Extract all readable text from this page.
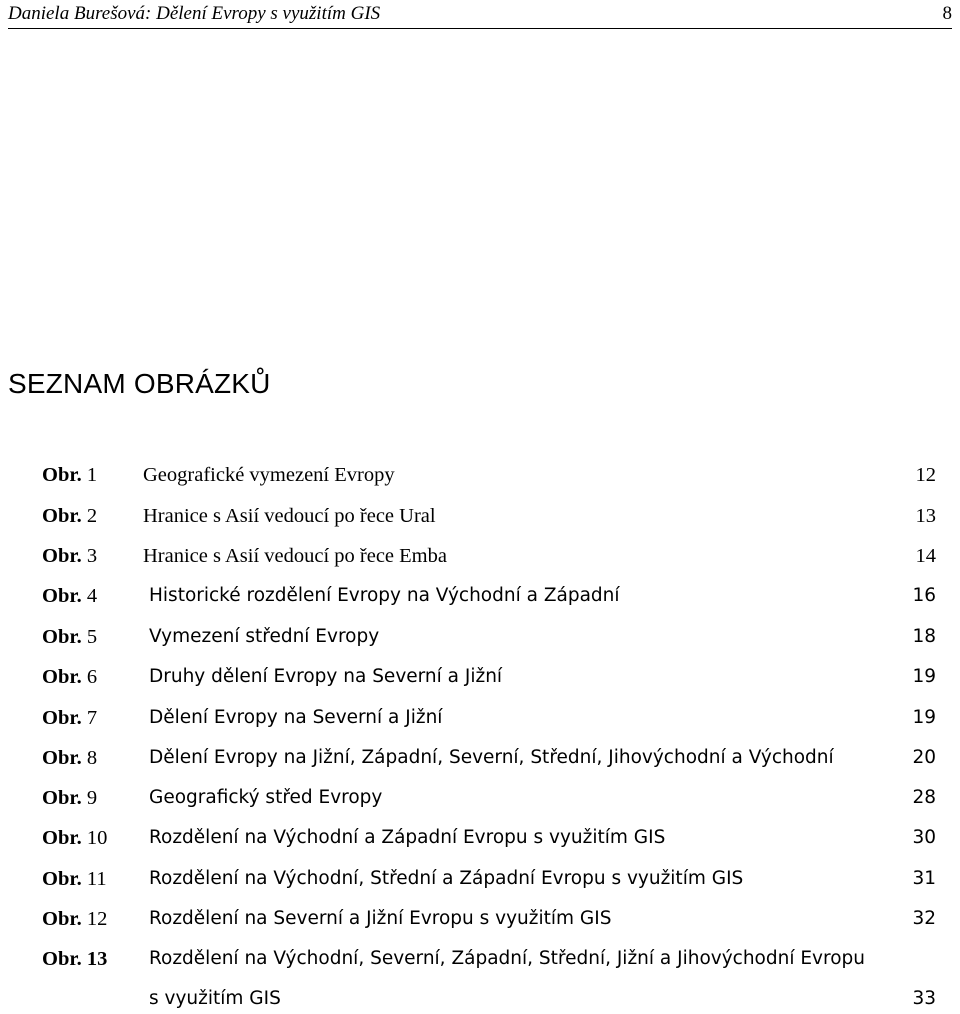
Daniela Burešová: Dělení Evropy s využitím GIS	8
SEZNAM OBRÁZKŮ
Obr. 1 Geografické vymezení Evropy	12
Obr. 2 Hranice s Asií vedoucí po řece Ural	13
Obr. 3 Hranice s Asií vedoucí po řece Emba	14
Obr. 4	Historické rozdělení Evropy na Východní a Západní	16
Obr. 5	Vymezení střední Evropy	18
Obr. 6	Druhy dělení Evropy na Severní a Jižní	19
Obr. 7	Dělení Evropy na Severní a Jižní	19
Obr. 8	Dělení Evropy na Jižní, Západní, Severní, Střední, Jihovýchodní a Východní	20
Obr. 9	Geografický střed Evropy	28
Obr. 10 Rozdělení na Východní a Západní Evropu s využitím GIS	30
Obr. 11 Rozdělení na Východní, Střední a Západní Evropu s využitím GIS	31
Obr. 12 Rozdělení na Severní a Jižní Evropu s využitím GIS	32
Obr. 13 Rozdělení na Východní, Severní, Západní, Střední, Jižní a Jihovýchodní Evropu
s využitím GIS	33
